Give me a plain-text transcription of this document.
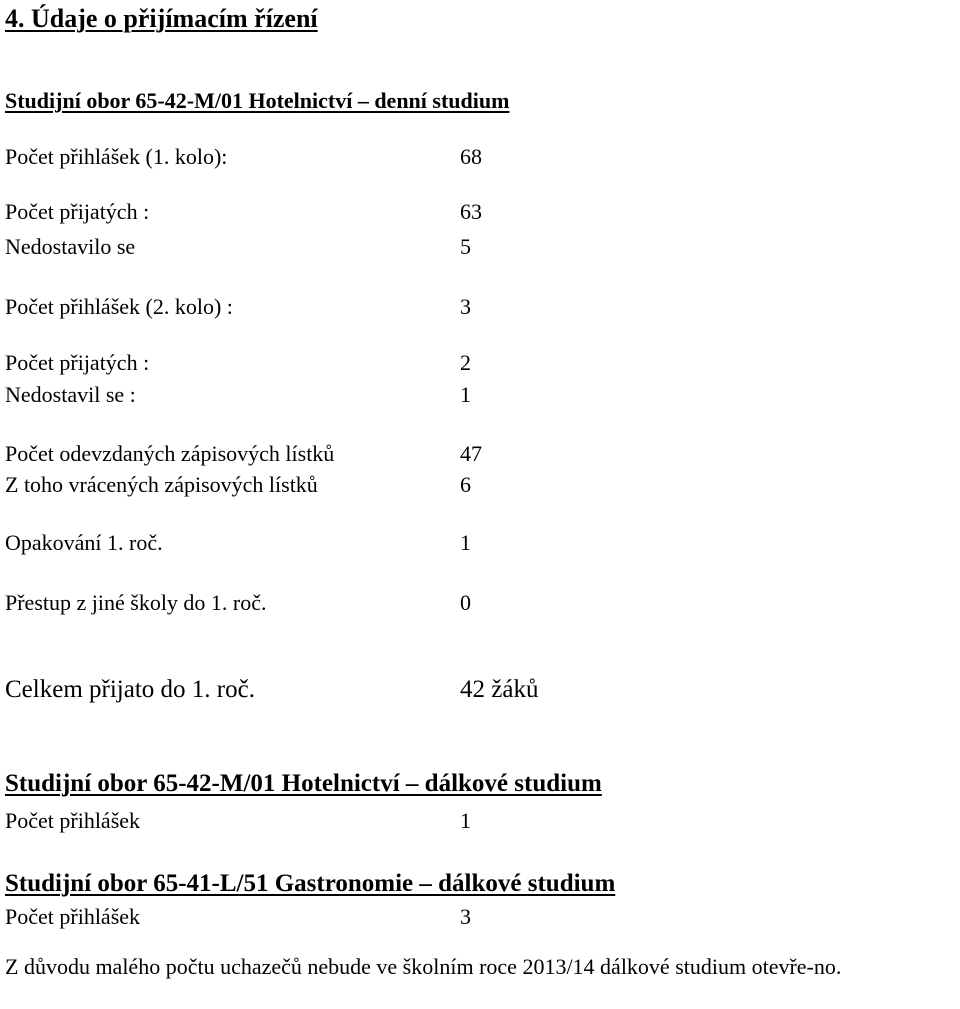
4. Údaje o přijímacím řízení
Studijní obor 65-42-M/01 Hotelnictví – denní studium
Počet přihlášek (1. kolo):	68
Počet přijatých :	63
Nedostavilo se	5
Počet přihlášek (2. kolo) :	3
Počet přijatých :	2
Nedostavil se :	1
Počet odevzdaných zápisových lístků	47
Z toho vrácených zápisových lístků	6
Opakování 1. roč.	1
Přestup z jiné školy do 1. roč.	0
Celkem přijato do 1. roč.	42 žáků
Studijní obor 65-42-M/01 Hotelnictví – dálkové studium
Počet přihlášek	1
Studijní obor 65-41-L/51 Gastronomie – dálkové studium
Počet přihlášek	3

Z důvodu malého počtu uchazečů nebude ve školním roce 2013/14 dálkové studium otevře-no.
